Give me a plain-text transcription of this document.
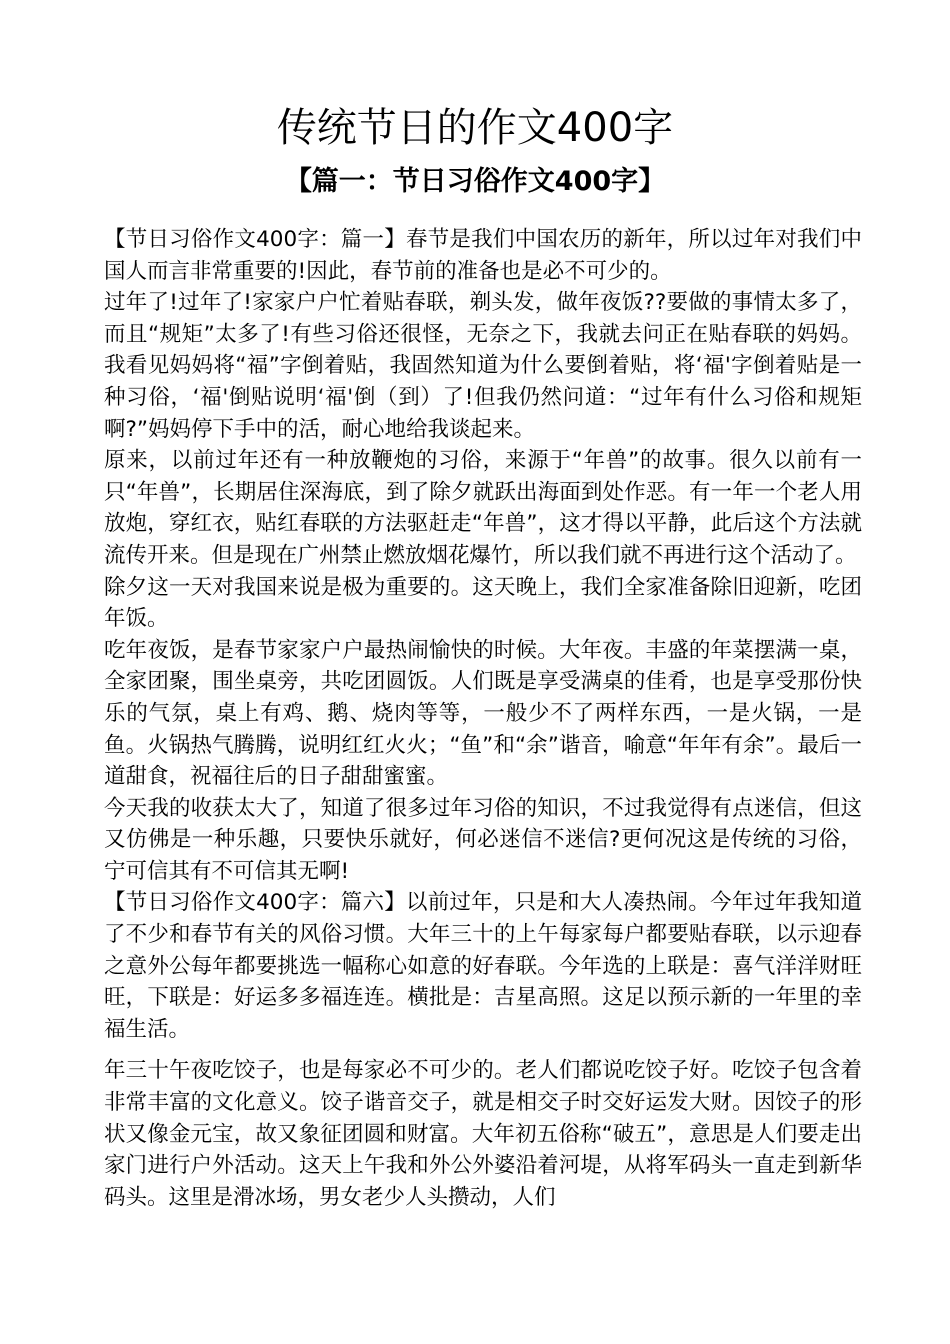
传统节日的作文400字
【篇一：节日习俗作文400字】

【节日习俗作文400字：篇一】春节是我们中国农历的新年，所以过年对我们中国人而言非常重要的!因此，春节前的准备也是必不可少的。

过年了!过年了!家家户户忙着贴春联，剃头发，做年夜饭??要做的事情太多了，而且“规矩”太多了!有些习俗还很怪，无奈之下，我就去问正在贴春联的妈妈。我看见妈妈将“福”字倒着贴，我固然知道为什么要倒着贴，将‘福'字倒着贴是一种习俗，‘福'倒贴说明‘福'倒（到）了!但我仍然问道：“过年有什么习俗和规矩啊?”妈妈停下手中的活，耐心地给我谈起来。

原来，以前过年还有一种放鞭炮的习俗，来源于“年兽”的故事。很久以前有一只“年兽”，长期居住深海底，到了除夕就跃出海面到处作恶。有一年一个老人用放炮，穿红衣，贴红春联的方法驱赶走“年兽”，这才得以平静，此后这个方法就流传开来。但是现在广州禁止燃放烟花爆竹，所以我们就不再进行这个活动了。

除夕这一天对我国来说是极为重要的。这天晚上，我们全家准备除旧迎新，吃团年饭。

吃年夜饭，是春节家家户户最热闹愉快的时候。大年夜。丰盛的年菜摆满一桌，全家团聚，围坐桌旁，共吃团圆饭。人们既是享受满桌的佳肴，也是享受那份快乐的气氛，桌上有鸡、鹅、烧肉等等，一般少不了两样东西，一是火锅，一是鱼。火锅热气腾腾，说明红红火火；“鱼”和“余”谐音，喻意“年年有余”。最后一道甜食，祝福往后的日子甜甜蜜蜜。

今天我的收获太大了，知道了很多过年习俗的知识，不过我觉得有点迷信，但这又仿佛是一种乐趣，只要快乐就好，何必迷信不迷信?更何况这是传统的习俗，宁可信其有不可信其无啊!

【节日习俗作文400字：篇六】以前过年，只是和大人凑热闹。今年过年我知道了不少和春节有关的风俗习惯。大年三十的上午每家每户都要贴春联，以示迎春之意外公每年都要挑选一幅称心如意的好春联。今年选的上联是：喜气洋洋财旺旺，下联是：好运多多福连连。横批是：吉星高照。这足以预示新的一年里的幸福生活。

年三十午夜吃饺子，也是每家必不可少的。老人们都说吃饺子好。吃饺子包含着非常丰富的文化意义。饺子谐音交子，就是相交子时交好运发大财。因饺子的形状又像金元宝，故又象征团圆和财富。大年初五俗称“破五”，意思是人们要走出家门进行户外活动。这天上午我和外公外婆沿着河堤，从将军码头一直走到新华码头。这里是滑冰场，男女老少人头攒动，人们
